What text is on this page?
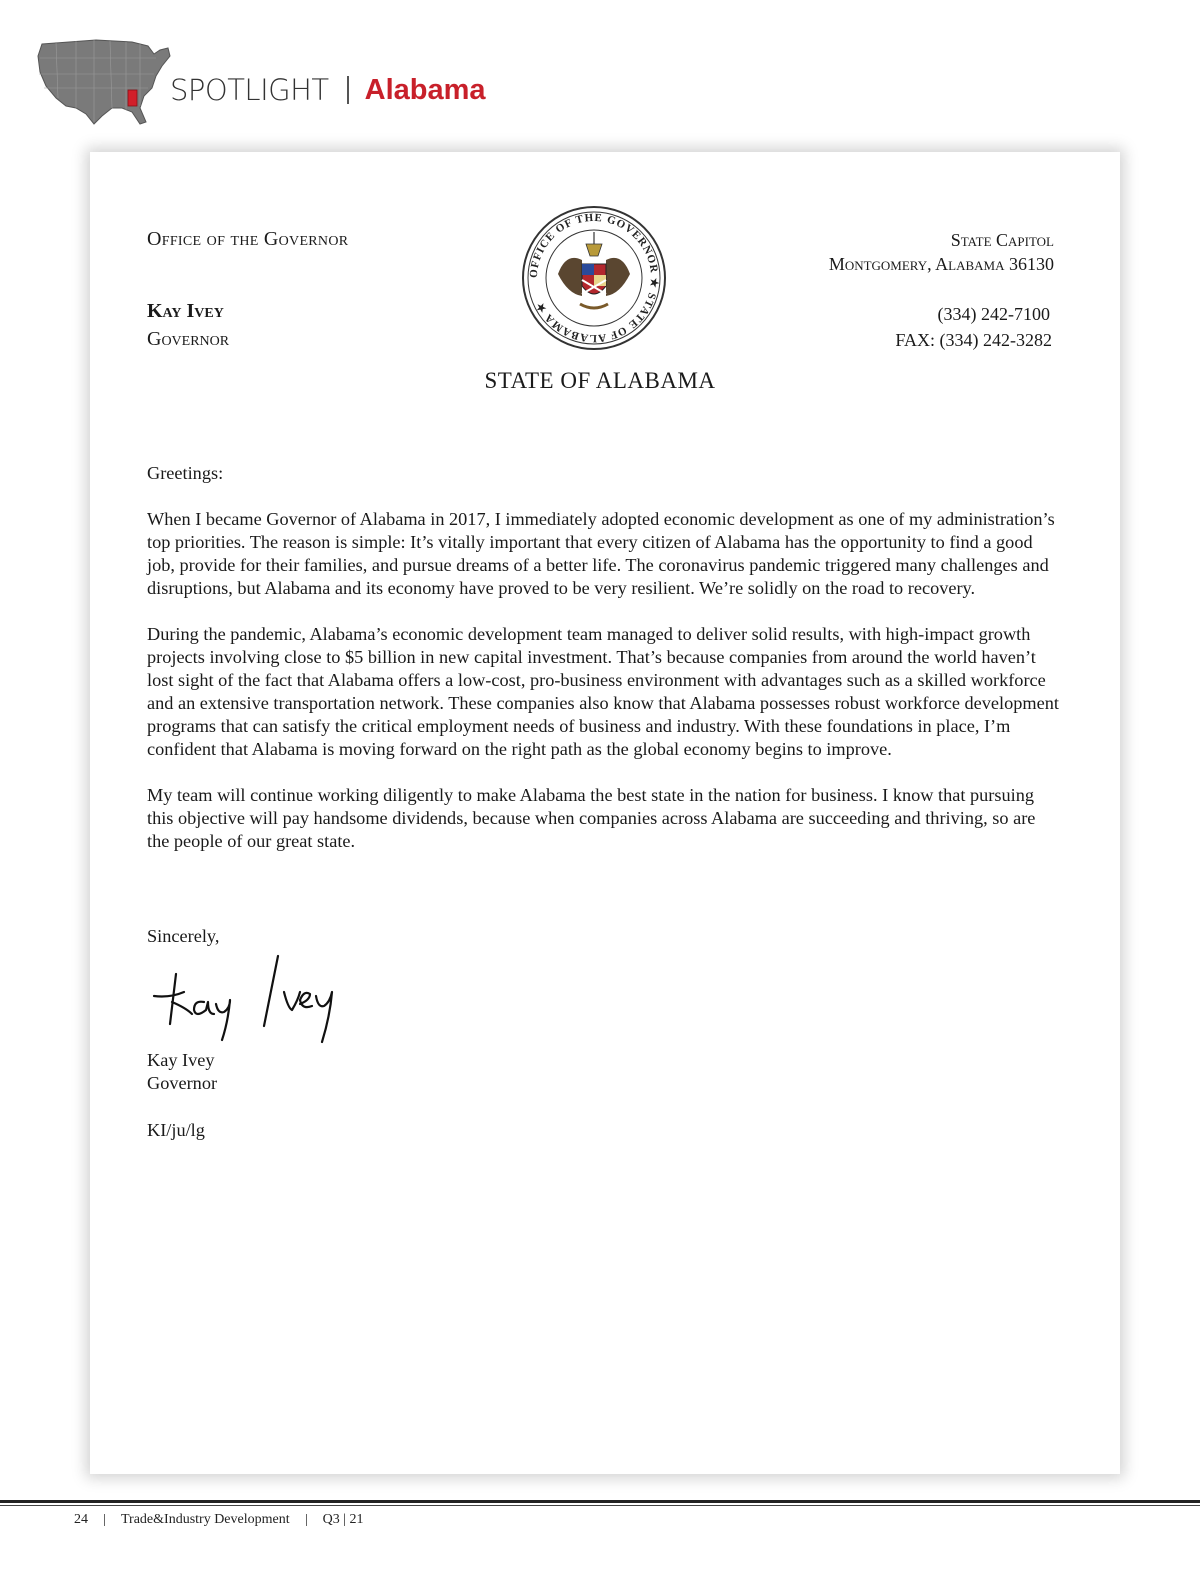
SPOTLIGHT Alabama
Office of the Governor
Kay Ivey
Governor
OFFICE OF THE GOVERNOR ★ STATE OF ALABAMA ★
State Capitol
Montgomery, Alabama 36130
(334) 242-7100
FAX: (334) 242-3282
STATE OF ALABAMA

Greetings:

When I became Governor of Alabama in 2017, I immediately adopted economic development as one of my administration’s top priorities. The reason is simple: It’s vitally important that every citizen of Alabama has the opportunity to find a good job, provide for their families, and pursue dreams of a better life. The coronavirus pandemic triggered many challenges and disruptions, but Alabama and its economy have proved to be very resilient. We’re solidly on the road to recovery.

During the pandemic, Alabama’s economic development team managed to deliver solid results, with high-impact growth projects involving close to $5 billion in new capital investment. That’s because companies from around the world haven’t lost sight of the fact that Alabama offers a low-cost, pro-business environment with advantages such as a skilled workforce and an extensive transportation network. These companies also know that Alabama possesses robust workforce development programs that can satisfy the critical employment needs of business and industry. With these foundations in place, I’m confident that Alabama is moving forward on the right path as the global economy begins to improve.

My team will continue working diligently to make Alabama the best state in the nation for business. I know that pursuing this objective will pay handsome dividends, because when companies across Alabama are succeeding and thriving, so are the people of our great state.

Sincerely,
Kay Ivey
Kay Ivey
Governor
KI/ju/lg
24 Trade&Industry Development Q3 | 21
